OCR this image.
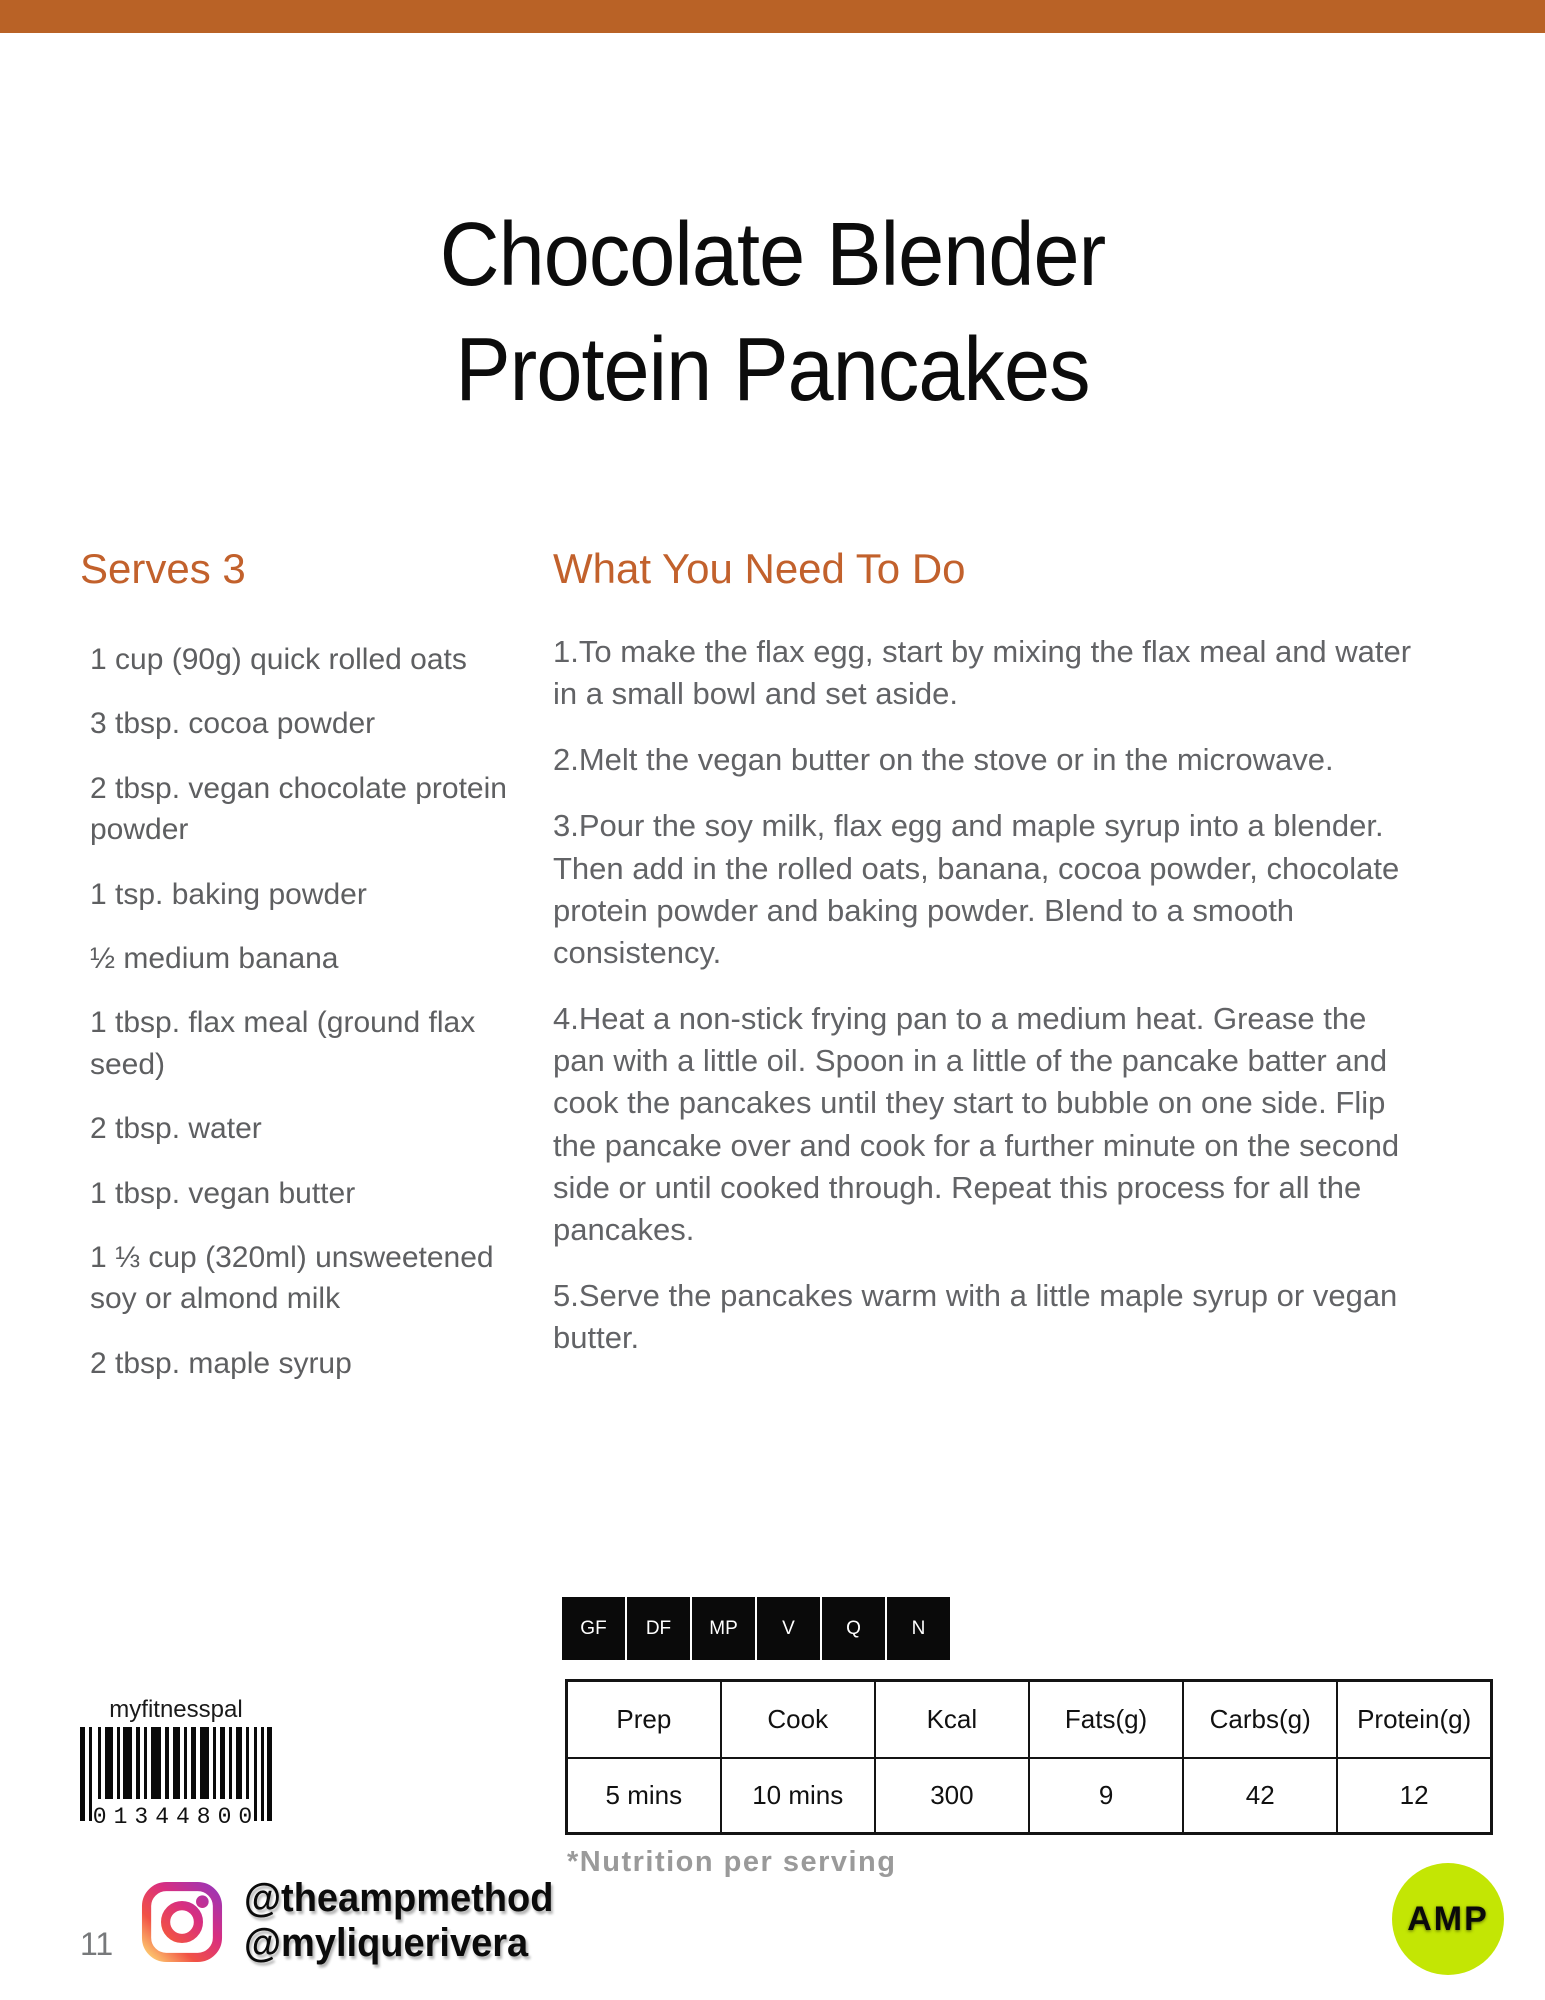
Chocolate Blender
Protein Pancakes
Serves 3

1 cup (90g) quick rolled oats

3 tbsp. cocoa powder

2 tbsp. vegan chocolate protein powder

1 tsp. baking powder

½ medium banana

1 tbsp. flax meal (ground flax seed)

2 tbsp. water

1 tbsp. vegan butter

1 ⅓ cup (320ml) unsweetened soy or almond milk

2 tbsp. maple syrup

What You Need To Do

1.To make the flax egg, start by mixing the flax meal and water in a small bowl and set aside.

2.Melt the vegan butter on the stove or in the microwave.

3.Pour the soy milk, flax egg and maple syrup into a blender. Then add in the rolled oats, banana, cocoa powder, chocolate protein powder and baking powder. Blend to a smooth consistency.

4.Heat a non-stick frying pan to a medium heat. Grease the pan with a little oil. Spoon in a little of the pancake batter and cook the pancakes until they start to bubble on one side. Flip the pancake over and cook for a further minute on the second side or until cooked through. Repeat this process for all the pancakes.

5.Serve the pancakes warm with a little maple syrup or vegan butter.

GF	DF	MP	V	Q	N
Prep	Cook	Kcal	Fats(g)	Carbs(g)	Protein(g)
5 mins	10 mins	300	9	42	12
*Nutrition per serving
myfitnesspal
01344800
11
@theampmethod
@myliquerivera
AMP
